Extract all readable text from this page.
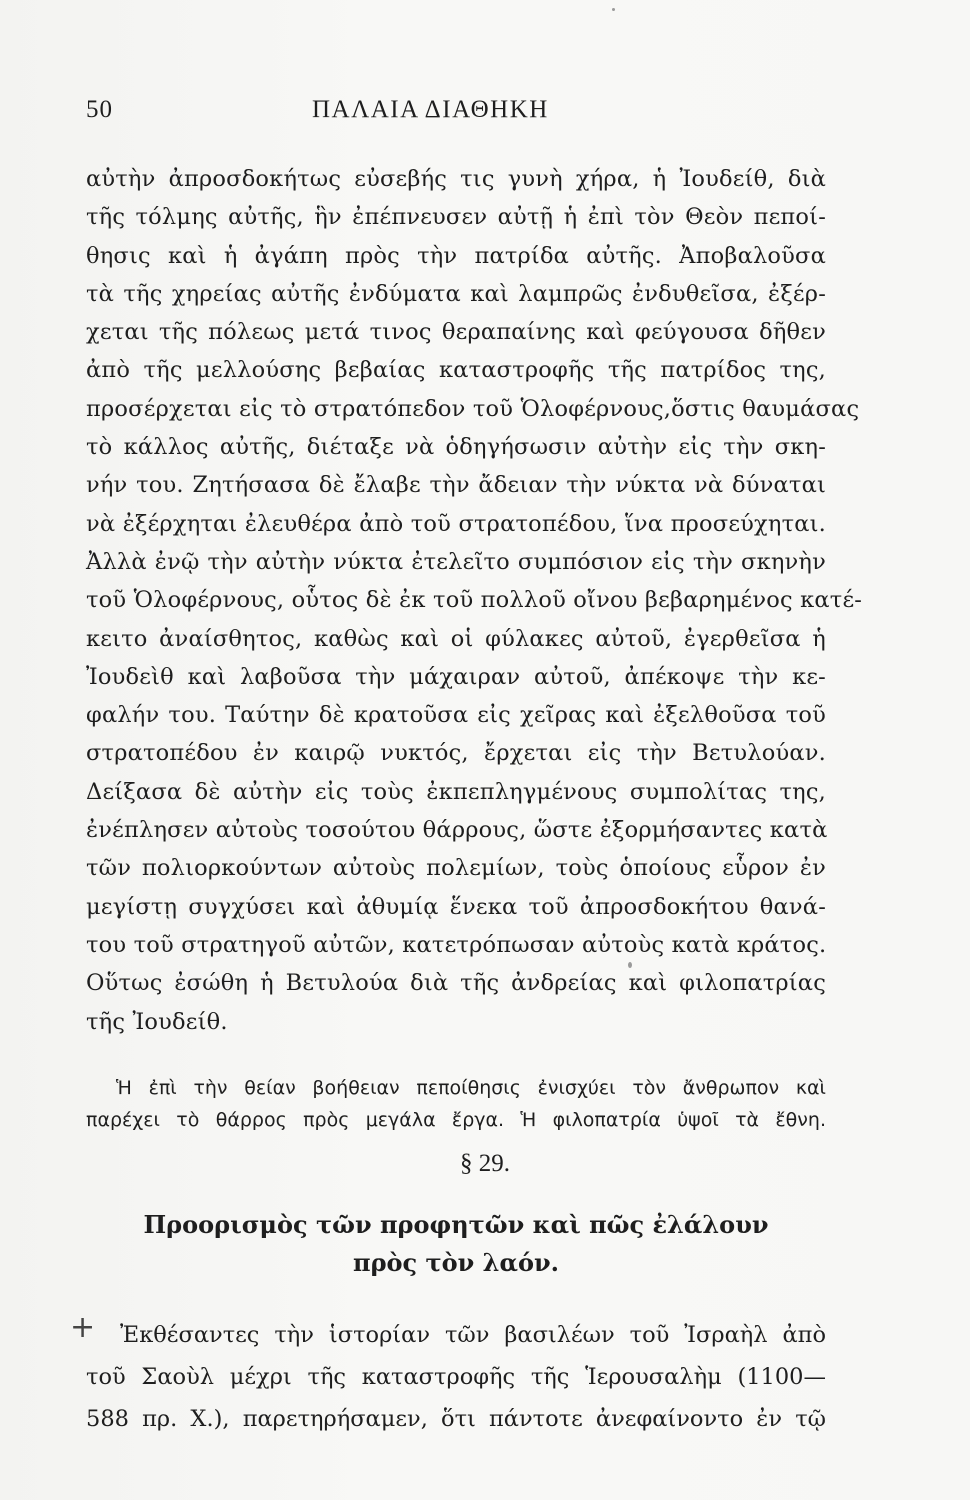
50	ΠΑΛΑΙΑ ΔΙΑΘΗΚΗ
αὐτὴν ἀπροσδοκήτως εὐσεβής τις γυνὴ χήρα, ἡ Ἰουδείθ, διὰ
τῆς τόλμης αὐτῆς, ἣν ἐπέπνευσεν αὐτῇ ἡ ἐπὶ τὸν Θεὸν πεποί-
θησις καὶ ἡ ἀγάπη πρὸς τὴν πατρίδα αὐτῆς. Ἀποβαλοῦσα
τὰ τῆς χηρείας αὐτῆς ἐνδύματα καὶ λαμπρῶς ἐνδυθεῖσα, ἐξέρ-
χεται τῆς πόλεως μετά τινος θεραπαίνης καὶ φεύγουσα δῆθεν
ἀπὸ τῆς μελλούσης βεβαίας καταστροφῆς τῆς πατρίδος της,
προσέρχεται εἰς τὸ στρατόπεδον τοῦ Ὁλοφέρνους,ὅστις θαυμάσας
τὸ κάλλος αὐτῆς, διέταξε νὰ ὁδηγήσωσιν αὐτὴν εἰς τὴν σκη-
νήν του. Ζητήσασα δὲ ἔλαβε τὴν ἄδειαν τὴν νύκτα νὰ δύναται
νὰ ἐξέρχηται ἐλευθέρα ἀπὸ τοῦ στρατοπέδου, ἵνα προσεύχηται.
Ἀλλὰ ἐνῷ τὴν αὐτὴν νύκτα ἐτελεῖτο συμπόσιον εἰς τὴν σκηνὴν
τοῦ Ὁλοφέρνους, οὗτος δὲ ἐκ τοῦ πολλοῦ οἴνου βεβαρημένος κατέ-
κειτο ἀναίσθητος, καθὼς καὶ οἱ φύλακες αὐτοῦ, ἐγερθεῖσα ἡ
Ἰουδεὶθ καὶ λαβοῦσα τὴν μάχαιραν αὐτοῦ, ἀπέκοψε τὴν κε-
φαλήν του. Ταύτην δὲ κρατοῦσα εἰς χεῖρας καὶ ἐξελθοῦσα τοῦ
στρατοπέδου ἐν καιρῷ νυκτός, ἔρχεται εἰς τὴν Βετυλούαν.
Δείξασα δὲ αὐτὴν εἰς τοὺς ἐκπεπληγμένους συμπολίτας της,
ἐνέπλησεν αὐτοὺς τοσούτου θάρρους, ὥστε ἐξορμήσαντες κατὰ
τῶν πολιορκούντων αὐτοὺς πολεμίων, τοὺς ὁποίους εὗρον ἐν
μεγίστῃ συγχύσει καὶ ἀθυμίᾳ ἕνεκα τοῦ ἀπροσδοκήτου θανά-
του τοῦ στρατηγοῦ αὐτῶν, κατετρόπωσαν αὐτοὺς κατὰ κράτος.
Οὕτως ἐσώθη ἡ Βετυλούα διὰ τῆς ἀνδρείας καὶ φιλοπατρίας
τῆς Ἰουδείθ.
Ἡ ἐπὶ τὴν θείαν βοήθειαν πεποίθησις ἐνισχύει τὸν ἄνθρωπον καὶ
παρέχει τὸ θάρρος πρὸς μεγάλα ἔργα. Ἡ φιλοπατρία ὑψοῖ τὰ ἔθνη.
§ 29.
Προορισμὸς τῶν προφητῶν καὶ πῶς ἐλάλουν
πρὸς τὸν λαόν.
+	Ἐκθέσαντες τὴν ἱστορίαν τῶν βασιλέων τοῦ Ἰσραὴλ ἀπὸ
τοῦ Σαοὺλ μέχρι τῆς καταστροφῆς τῆς Ἱερουσαλὴμ (1100—
588 πρ. Χ.), παρετηρήσαμεν, ὅτι πάντοτε ἀνεφαίνοντο ἐν τῷ
